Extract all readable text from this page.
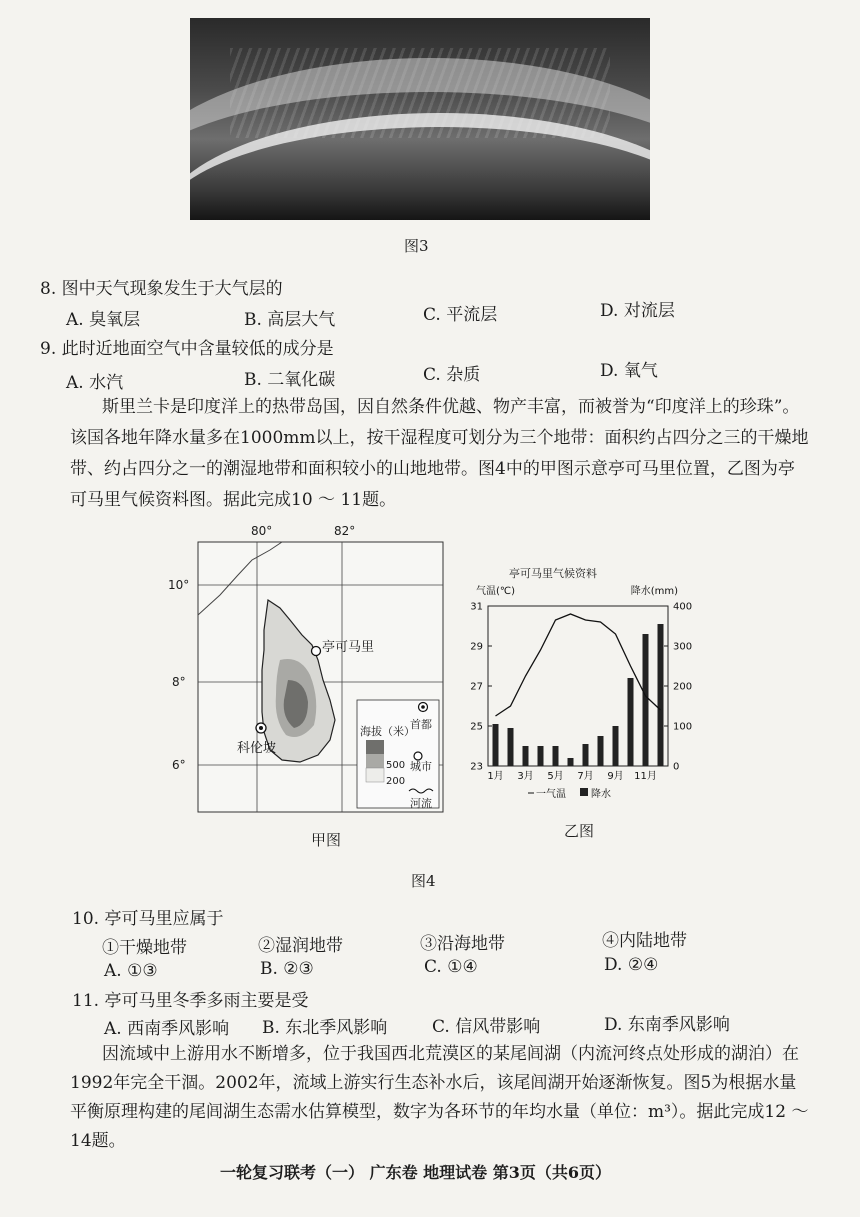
图3
8. 图中天气现象发生于大气层的
A. 臭氧层	B. 高层大气	C. 平流层	D. 对流层
9. 此时近地面空气中含量较低的成分是
A. 水汽	B. 二氧化碳	C. 杂质	D. 氧气

斯里兰卡是印度洋上的热带岛国，因自然条件优越、物产丰富，而被誉为“印度洋上的珍珠”。该国各地年降水量多在1000mm以上，按干湿程度可划分为三个地带：面积约占四分之三的干燥地带、约占四分之一的潮湿地带和面积较小的山地地带。图4中的甲图示意亭可马里位置，乙图为亭可马里气候资料图。据此完成10 ～ 11题。

80°	82°
10°
8°
6°
亭可马里
科伦坡
海拔（米）
500
200
首都
城市
河流
甲图
亭可马里气候资料
气温(℃)	降水(mm)
23
25
27
29
31
0
100
200
300
400
1月 3月 5月 7月 9月 11月
一气温	降水
乙图
图4
10. 亭可马里应属于
①干燥地带	②湿润地带	③沿海地带	④内陆地带
A. ①③	B. ②③	C. ①④	D. ②④
11. 亭可马里冬季多雨主要是受
A. 西南季风影响 B. 东北季风影响	C. 信风带影响	D. 东南季风影响

因流域中上游用水不断增多，位于我国西北荒漠区的某尾闾湖（内流河终点处形成的湖泊）在1992年完全干涸。2002年，流域上游实行生态补水后，该尾闾湖开始逐渐恢复。图5为根据水量平衡原理构建的尾闾湖生态需水估算模型，数字为各环节的年均水量（单位：m³）。据此完成12 ～ 14题。

一轮复习联考（一） 广东卷 地理试卷 第3页（共6页）
